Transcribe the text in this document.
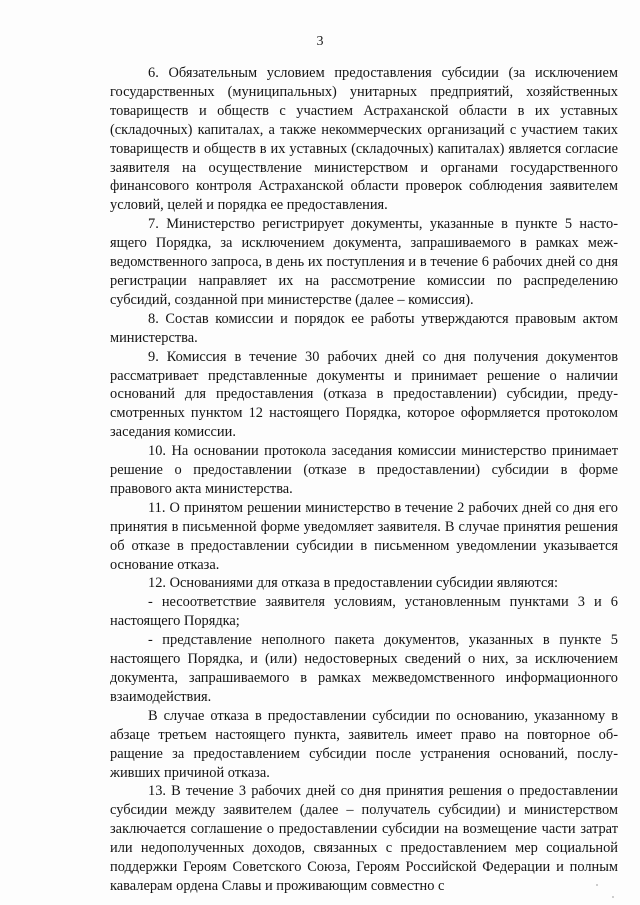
3

6. Обязательным условием предоставления субсидии (за исключением государственных (муниципальных) унитарных предприятий, хозяйственных товариществ и обществ с участием Астраханской области в их уставных (складочных) капиталах, а также некоммерческих организаций с участием таких товариществ и обществ в их уставных (складочных) капиталах) является согласие заявителя на осуществление министерством и органами государственного финансового контроля Астраханской области проверок соблюдения заявителем условий, целей и порядка ее предоставления.

7. Министерство регистрирует документы, указанные в пункте 5 настоящего Порядка, за исключением документа, запрашиваемого в рамках межведомственного запроса, в день их поступления и в течение 6 рабочих дней со дня регистрации направляет их на рассмотрение комиссии по распределению субсидий, созданной при министерстве (далее – комиссия).

8. Состав комиссии и порядок ее работы утверждаются правовым актом министерства.

9. Комиссия в течение 30 рабочих дней со дня получения документов рассматривает представленные документы и принимает решение о наличии оснований для предоставления (отказа в предоставлении) субсидии, предусмотренных пунктом 12 настоящего Порядка, которое оформляется протоколом заседания комиссии.

10. На основании протокола заседания комиссии министерство принимает решение о предоставлении (отказе в предоставлении) субсидии в форме правового акта министерства.

11. О принятом решении министерство в течение 2 рабочих дней со дня его принятия в письменной форме уведомляет заявителя. В случае принятия решения об отказе в предоставлении субсидии в письменном уведомлении указывается основание отказа.

12. Основаниями для отказа в предоставлении субсидии являются:

- несоответствие заявителя условиям, установленным пунктами 3 и 6 настоящего Порядка;

- представление неполного пакета документов, указанных в пункте 5 настоящего Порядка, и (или) недостоверных сведений о них, за исключением документа, запрашиваемого в рамках межведомственного информационного взаимодействия.

В случае отказа в предоставлении субсидии по основанию, указанному в абзаце третьем настоящего пункта, заявитель имеет право на повторное обращение за предоставлением субсидии после устранения оснований, послуживших причиной отказа.

13. В течение 3 рабочих дней со дня принятия решения о предоставлении субсидии между заявителем (далее – получатель субсидии) и министерством заключается соглашение о предоставлении субсидии на возмещение части затрат или недополученных доходов, связанных с предоставлением мер социальной поддержки Героям Советского Союза, Героям Российской Федерации и полным кавалерам ордена Славы и проживающим совместно с
